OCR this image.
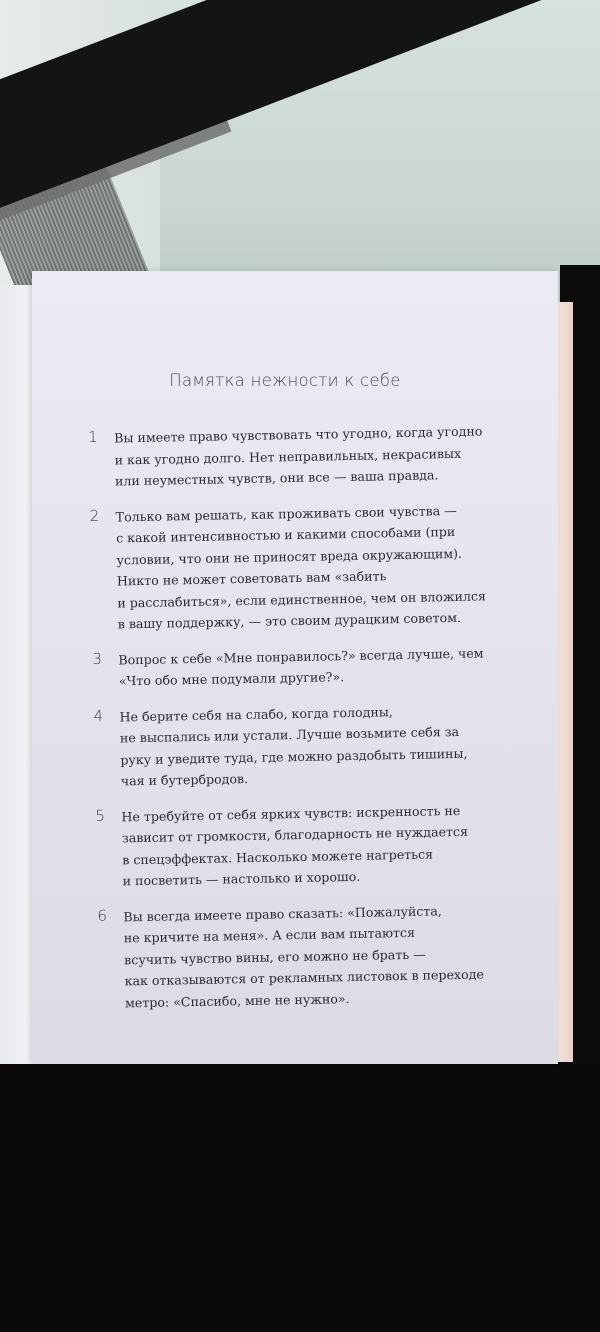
Памятка нежности к себе
1 Вы имеете право чувствовать что угодно, когда угодно
и как угодно долго. Нет неправильных, некрасивых
или неуместных чувств, они все — ваша правда.
2 Только вам решать, как проживать свои чувства —
с какой интенсивностью и какими способами (при
условии, что они не приносят вреда окружающим).
Никто не может советовать вам «забить
и расслабиться», если единственное, чем он вложился
в вашу поддержку, — это своим дурацким советом.
3 Вопрос к себе «Мне понравилось?» всегда лучше, чем
«Что обо мне подумали другие?».
4 Не берите себя на слабо, когда голодны,
не выспались или устали. Лучше возьмите себя за
руку и уведите туда, где можно раздобыть тишины,
чая и бутербродов.
5 Не требуйте от себя ярких чувств: искренность не
зависит от громкости, благодарность не нуждается
в спецэффектах. Насколько можете нагреться
и посветить — настолько и хорошо.
6 Вы всегда имеете право сказать: «Пожалуйста,
не кричите на меня». А если вам пытаются
всучить чувство вины, его можно не брать —
как отказываются от рекламных листовок в переходе
метро: «Спасибо, мне не нужно».
